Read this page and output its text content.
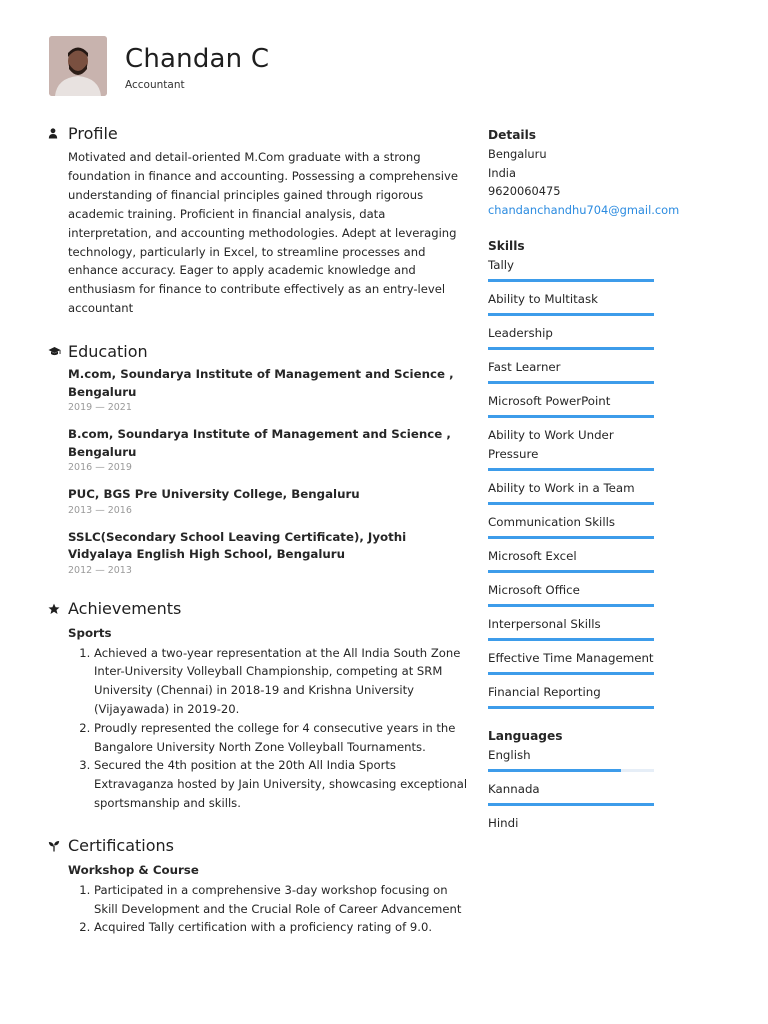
Chandan C
Accountant
Profile

Motivated and detail-oriented M.Com graduate with a strong foundation in finance and accounting. Possessing a comprehensive understanding of financial principles gained through rigorous academic training. Proficient in financial analysis, data interpretation, and accounting methodologies. Adept at leveraging technology, particularly in Excel, to streamline processes and enhance accuracy. Eager to apply academic knowledge and enthusiasm for finance to contribute effectively as an entry-level accountant

Education
M.com, Soundarya Institute of Management and Science , Bengaluru
2019 — 2021
B.com, Soundarya Institute of Management and Science , Bengaluru
2016 — 2019
PUC, BGS Pre University College, Bengaluru
2013 — 2016
SSLC(Secondary School Leaving Certificate), Jyothi Vidyalaya English High School, Bengaluru
2012 — 2013
Achievements
Sports
1. Achieved a two-year representation at the All India South Zone Inter-University Volleyball Championship, competing at SRM University (Chennai) in 2018-19 and Krishna University (Vijayawada) in 2019-20.
2. Proudly represented the college for 4 consecutive years in the Bangalore University North Zone Volleyball Tournaments.
3. Secured the 4th position at the 20th All India Sports Extravaganza hosted by Jain University, showcasing exceptional sportsmanship and skills.
Certifications
Workshop & Course
1. Participated in a comprehensive 3-day workshop focusing on Skill Development and the Crucial Role of Career Advancement
2. Acquired Tally certification with a proficiency rating of 9.0.
Details
Bengaluru
India
9620060475
chandanchandhu704@gmail.com
Skills
Tally
Ability to Multitask
Leadership
Fast Learner
Microsoft PowerPoint
Ability to Work Under Pressure
Ability to Work in a Team
Communication Skills
Microsoft Excel
Microsoft Office
Interpersonal Skills
Effective Time Management
Financial Reporting
Languages
English
Kannada
Hindi
